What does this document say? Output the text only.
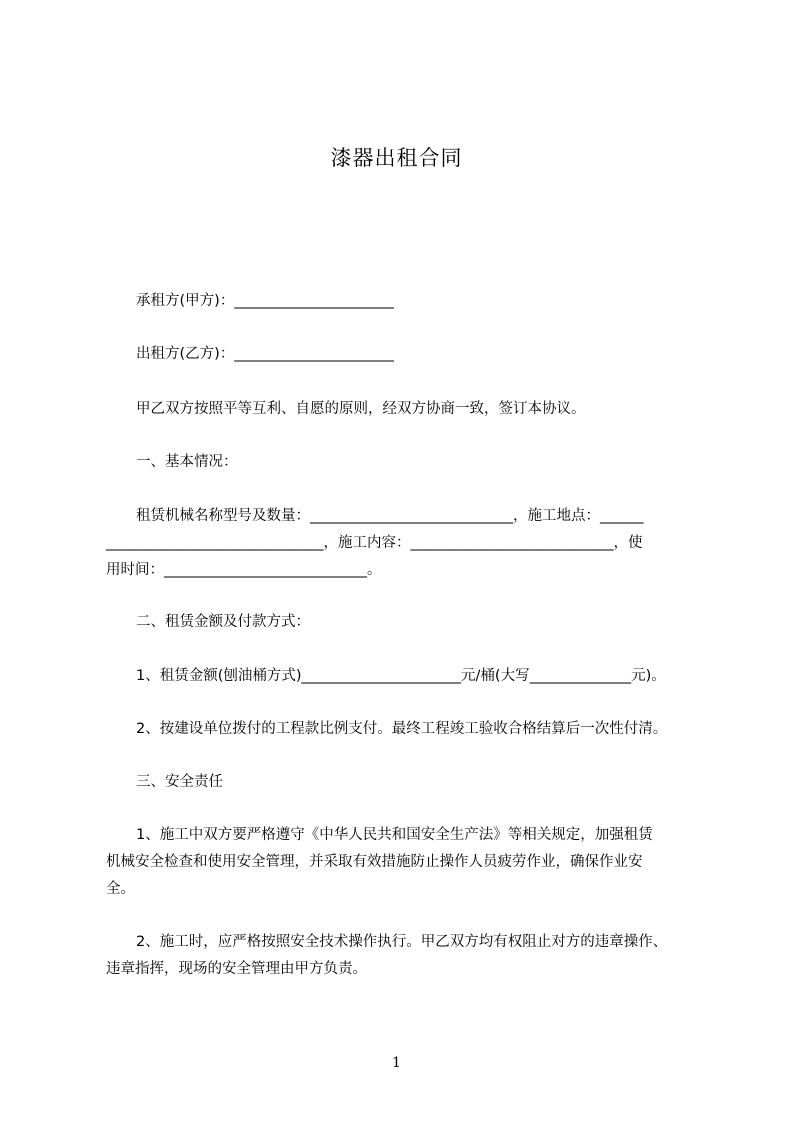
漆器出租合同
承租方(甲方)：______________________
出租方(乙方)：______________________
甲乙双方按照平等互利、自愿的原则，经双方协商一致，签订本协议。
一、基本情况：
租赁机械名称型号及数量：____________________________，施工地点：______
______________________________，施工内容：____________________________，使
用时间：____________________________。
二、租赁金额及付款方式：
1、租赁金额(刨油桶方式)______________________元/桶(大写______________元)。
2、按建设单位拨付的工程款比例支付。最终工程竣工验收合格结算后一次性付清。
三、安全责任
1、施工中双方要严格遵守《中华人民共和国安全生产法》等相关规定，加强租赁
机械安全检查和使用安全管理，并采取有效措施防止操作人员疲劳作业，确保作业安
全。
2、施工时，应严格按照安全技术操作执行。甲乙双方均有权阻止对方的违章操作、
违章指挥，现场的安全管理由甲方负责。
1
